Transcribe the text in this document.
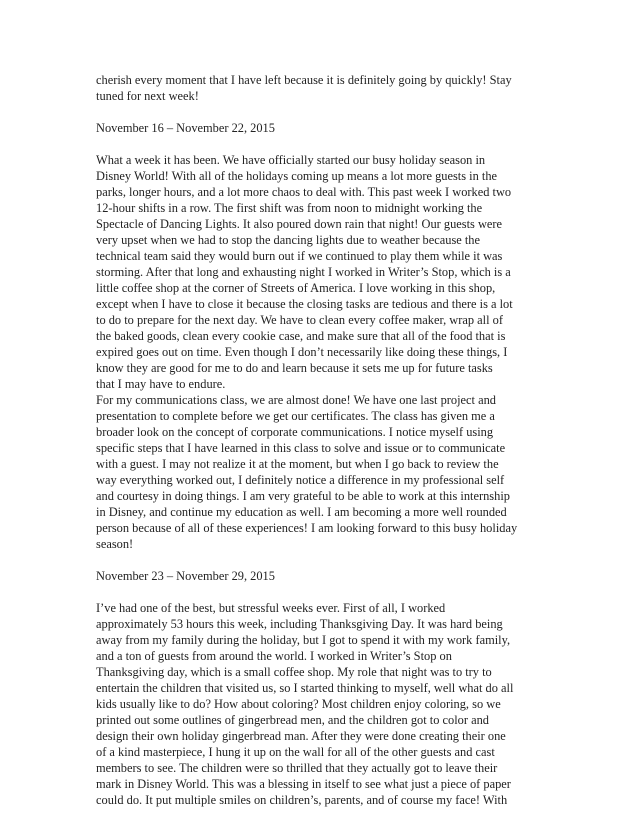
cherish every moment that I have left because it is definitely going by quickly! Stay
tuned for next week!

November 16 – November 22, 2015

What a week it has been. We have officially started our busy holiday season in
Disney World! With all of the holidays coming up means a lot more guests in the
parks, longer hours, and a lot more chaos to deal with. This past week I worked two
12-hour shifts in a row. The first shift was from noon to midnight working the
Spectacle of Dancing Lights. It also poured down rain that night! Our guests were
very upset when we had to stop the dancing lights due to weather because the
technical team said they would burn out if we continued to play them while it was
storming. After that long and exhausting night I worked in Writer’s Stop, which is a
little coffee shop at the corner of Streets of America. I love working in this shop,
except when I have to close it because the closing tasks are tedious and there is a lot
to do to prepare for the next day. We have to clean every coffee maker, wrap all of
the baked goods, clean every cookie case, and make sure that all of the food that is
expired goes out on time. Even though I don’t necessarily like doing these things, I
know they are good for me to do and learn because it sets me up for future tasks
that I may have to endure.

For my communications class, we are almost done! We have one last project and
presentation to complete before we get our certificates. The class has given me a
broader look on the concept of corporate communications. I notice myself using
specific steps that I have learned in this class to solve and issue or to communicate
with a guest. I may not realize it at the moment, but when I go back to review the
way everything worked out, I definitely notice a difference in my professional self
and courtesy in doing things. I am very grateful to be able to work at this internship
in Disney, and continue my education as well. I am becoming a more well rounded
person because of all of these experiences! I am looking forward to this busy holiday
season!

November 23 – November 29, 2015

I’ve had one of the best, but stressful weeks ever. First of all, I worked
approximately 53 hours this week, including Thanksgiving Day. It was hard being
away from my family during the holiday, but I got to spend it with my work family,
and a ton of guests from around the world. I worked in Writer’s Stop on
Thanksgiving day, which is a small coffee shop. My role that night was to try to
entertain the children that visited us, so I started thinking to myself, well what do all
kids usually like to do? How about coloring? Most children enjoy coloring, so we
printed out some outlines of gingerbread men, and the children got to color and
design their own holiday gingerbread man. After they were done creating their one
of a kind masterpiece, I hung it up on the wall for all of the other guests and cast
members to see. The children were so thrilled that they actually got to leave their
mark in Disney World. This was a blessing in itself to see what just a piece of paper
could do. It put multiple smiles on children’s, parents, and of course my face! With
